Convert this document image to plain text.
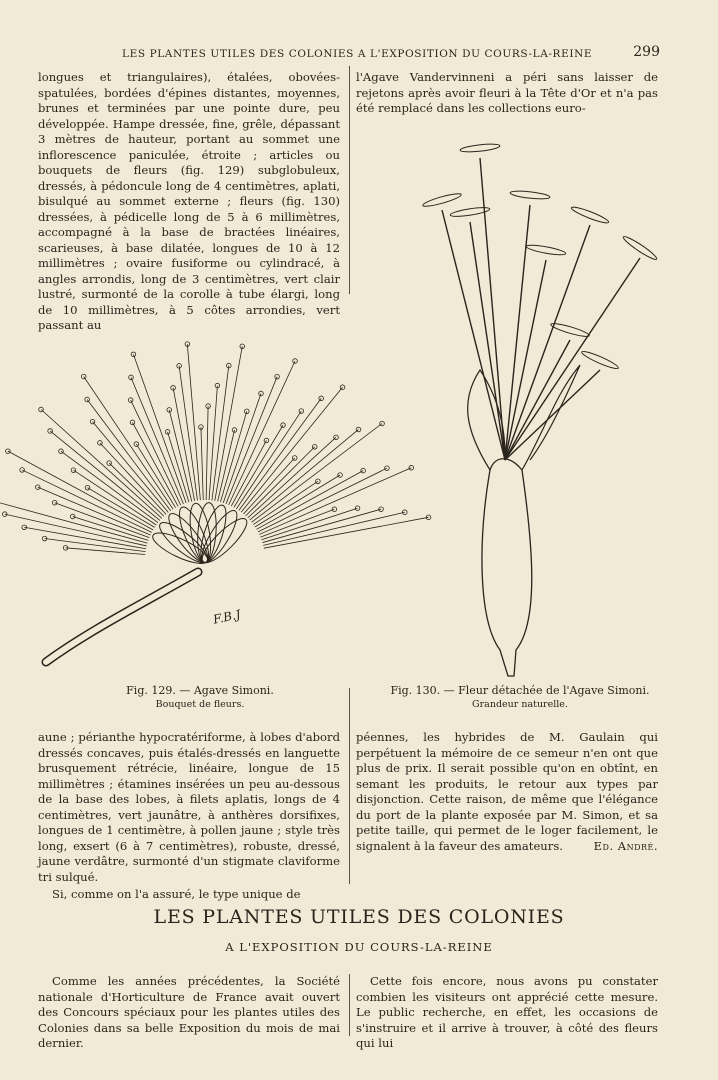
LES PLANTES UTILES DES COLONIES A L'EXPOSITION DU COURS-LA-REINE	299

longues et triangulaires), étalées, obovées-spatulées, bordées d'épines distantes, moyennes, brunes et terminées par une pointe dure, peu développée. Hampe dressée, fine, grêle, dépassant 3 mètres de hauteur, portant au sommet une inflorescence paniculée, étroite ; articles ou bouquets de fleurs (fig. 129) subglobuleux, dressés, à pédoncule long de 4 centimètres, aplati, bisulqué au sommet externe ; fleurs (fig. 130) dressées, à pédicelle long de 5 à 6 millimètres, accompagné à la base de bractées linéaires, scarieuses, à base dilatée, longues de 10 à 12 millimètres ; ovaire fusiforme ou cylindracé, à angles arrondis, long de 3 centimètres, vert clair lustré, surmonté de la corolle à tube élargi, long de 10 millimètres, à 5 côtes arrondies, vert passant au

l'Agave Vandervinneni a péri sans laisser de rejetons après avoir fleuri à la Tête d'Or et n'a pas été remplacé dans les collections euro-

F.B.J
Fig. 129. — Agave Simoni.
Bouquet de fleurs.
Fig. 130. — Fleur détachée de l'Agave Simoni.
Grandeur naturelle.

aune ; périanthe hypocratériforme, à lobes d'abord dressés concaves, puis étalés-dressés en languette brusquement rétrécie, linéaire, longue de 15 millimètres ; étamines insérées un peu au-dessous de la base des lobes, à filets aplatis, longs de 4 centimètres, vert jaunâtre, à anthères dorsifixes, longues de 1 centimètre, à pollen jaune ; style très long, exsert (6 à 7 centimètres), robuste, dressé, jaune verdâtre, surmonté d'un stigmate claviforme tri sulqué.

Si, comme on l'a assuré, le type unique de

péennes, les hybrides de M. Gaulain qui perpétuent la mémoire de ce semeur n'en ont que plus de prix. Il serait possible qu'on en obtînt, en semant les produits, le retour aux types par disjonction. Cette raison, de même que l'élégance du port de la plante exposée par M. Simon, et sa petite taille, qui permet de le loger facilement, le signalent à la faveur des amateurs.	Ed. André.
LES PLANTES UTILES DES COLONIES
A L'EXPOSITION DU COURS-LA-REINE

Comme les années précédentes, la Société nationale d'Horticulture de France avait ouvert des Concours spéciaux pour les plantes utiles des Colonies dans sa belle Exposition du mois de mai dernier.

Cette fois encore, nous avons pu constater combien les visiteurs ont apprécié cette mesure. Le public recherche, en effet, les occasions de s'instruire et il arrive à trouver, à côté des fleurs qui lui
